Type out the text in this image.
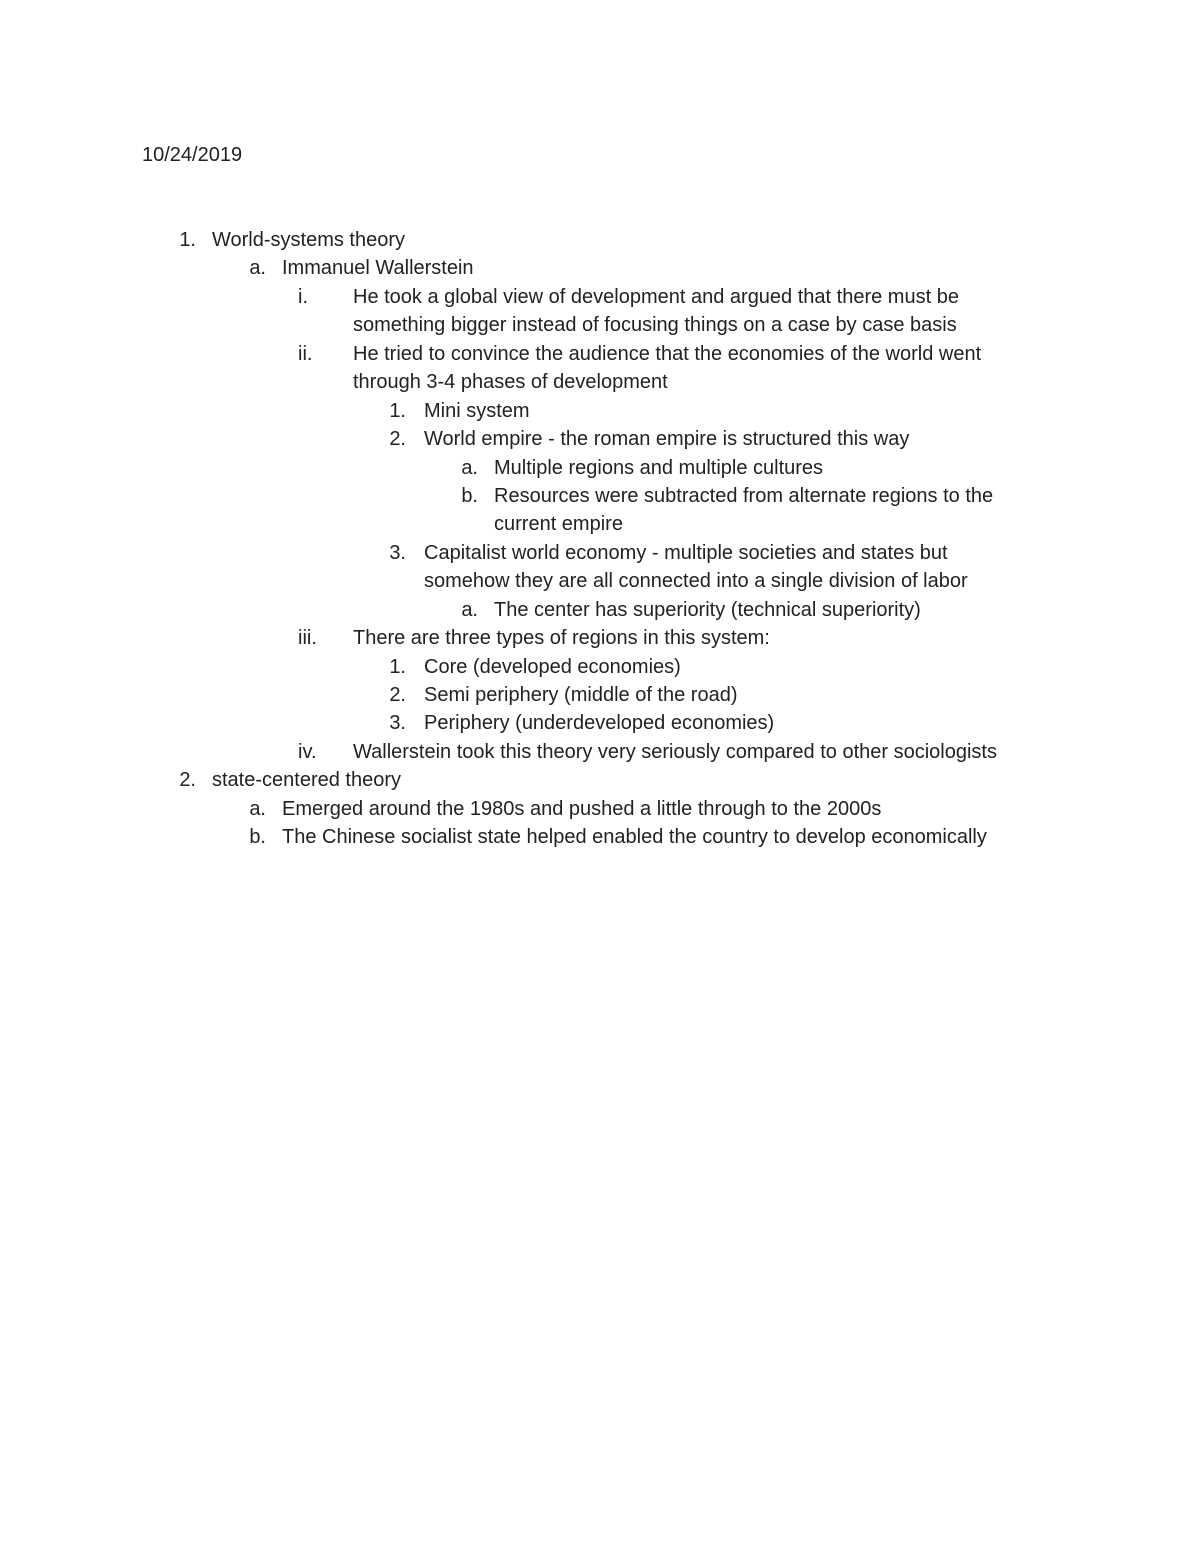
10/24/2019
1. World-systems theory
a. Immanuel Wallerstein
i.	He took a global view of development and argued that there must be
something bigger instead of focusing things on a case by case basis
ii.	He tried to convince the audience that the economies of the world went
through 3-4 phases of development
1. Mini system
2. World empire - the roman empire is structured this way
a. Multiple regions and multiple cultures
b. Resources were subtracted from alternate regions to the
current empire
3. Capitalist world economy - multiple societies and states but
somehow they are all connected into a single division of labor
a. The center has superiority (technical superiority)
iii.	There are three types of regions in this system:
1. Core (developed economies)
2. Semi periphery (middle of the road)
3. Periphery (underdeveloped economies)
iv.	Wallerstein took this theory very seriously compared to other sociologists
2. state-centered theory
a. Emerged around the 1980s and pushed a little through to the 2000s
b. The Chinese socialist state helped enabled the country to develop economically
